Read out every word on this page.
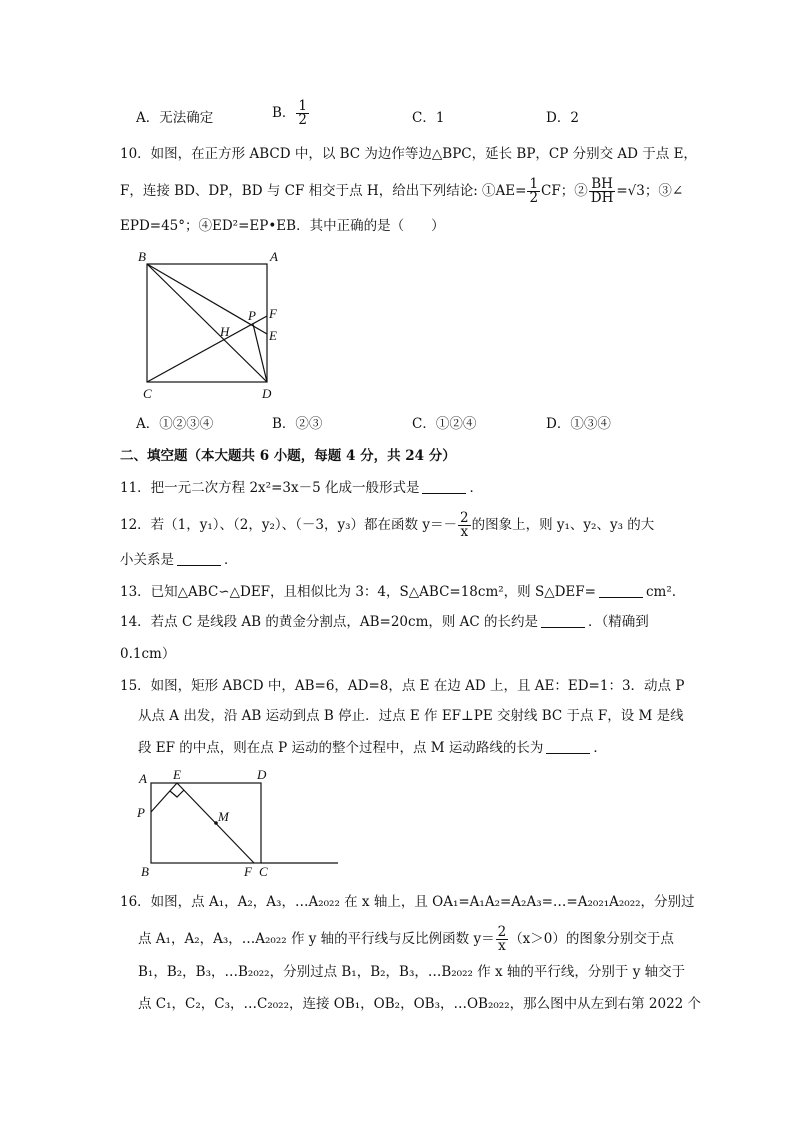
A．无法确定	B． $\frac{1}{2}$	C．1	D．2
10．如图，在正方形 ABCD 中，以 BC 为边作等边△BPC，延长 BP，CP 分别交 AD 于点 E，
F，连接 BD、DP，BD 与 CF 相交于点 H，给出下列结论: ①AE= $\frac{1}{2}$ CF；② $\frac{BH}{DH} =√3$；③∠
EPD=45°；④ED²=EP•EB．其中正确的是（　　）
B	A
P F
H	E
C	D
A．①②③④	B．②③	C．①②④	D．①③④
二、填空题（本大题共 6 小题，每题 4 分，共 24 分）
11．把一元二次方程 2x²=3x－5 化成一般形式是	．
12．若（1，y₁）、（2，y₂）、（－3，y₃）都在函数 $y=- \frac{2}{x}$ 的图象上，则 y₁、y₂、y₃ 的大
小关系是	．
13．已知△ABC∽△DEF，且相似比为 3：4，S△ABC=18cm²，则 S△DEF=	cm².
14．若点 C 是线段 AB 的黄金分割点，AB=20cm，则 AC 的长约是	．（精确到
0.1cm）
15．如图，矩形 ABCD 中，AB=6，AD=8，点 E 在边 AD 上，且 AE：ED=1：3．动点 P
从点 A 出发，沿 AB 运动到点 B 停止．过点 E 作 EF⊥PE 交射线 BC 于点 F，设 M 是线
段 EF 的中点，则在点 P 运动的整个过程中，点 M 运动路线的长为	．
A E	D
P	M
B	F C
16．如图，点 A₁，A₂，A₃，…A₂₀₂₂ 在 x 轴上，且 OA₁=A₁A₂=A₂A₃=…=A₂₀₂₁A₂₀₂₂，分别过
点 A₁，A₂，A₃，…A₂₀₂₂ 作 y 轴的平行线与反比例函数 $y= \frac{2}{x} (x>0)$的图象分别交于点
B₁，B₂，B₃，…B₂₀₂₂，分别过点 B₁，B₂，B₃，…B₂₀₂₂ 作 x 轴的平行线，分别于 y 轴交于
点 C₁，C₂，C₃，…C₂₀₂₂，连接 OB₁，OB₂，OB₃，…OB₂₀₂₂，那么图中从左到右第 2022 个
